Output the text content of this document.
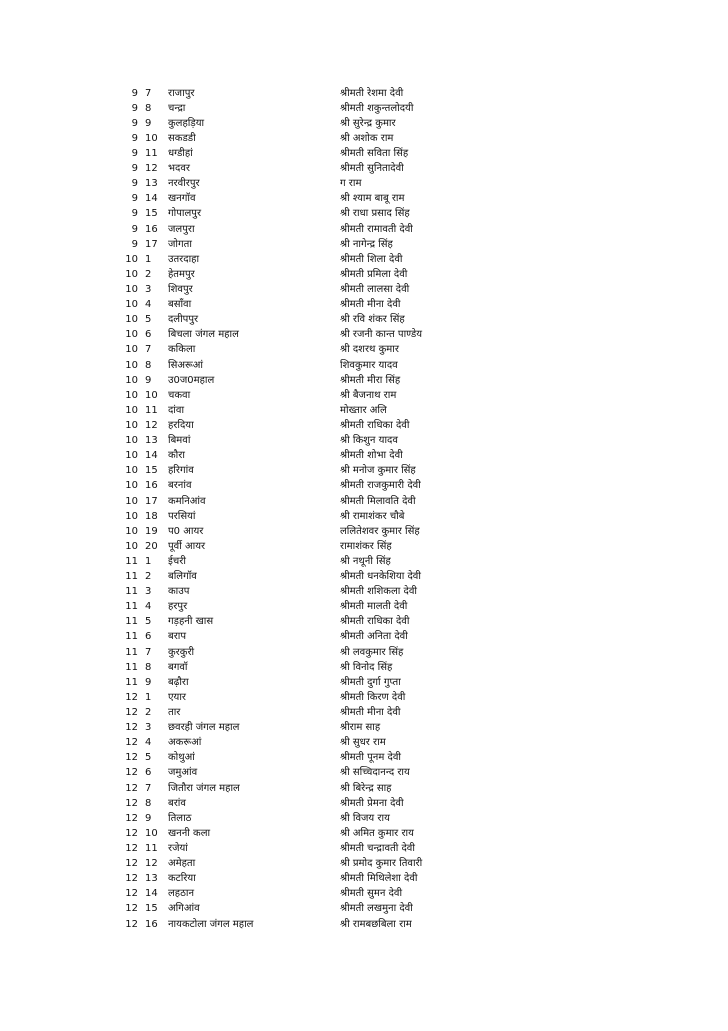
9	7	राजापुर	श्रीमती रेशमा देवी
9	8	चन्द्रा	श्रीमती शकुन्तलोदयी
9	9	कुलहड़िया	श्री सुरेन्द्र कुमार
9	10	सकडडी	श्री अशोक राम
9	11	धग्डीहां	श्रीमती सविता सिंह
9	12	भदवर	श्रीमती सुनितादेवी
9	13	नरवीरपुर	ग राम
9	14	खनगॉव	श्री श्याम बाबू राम
9	15	गोपालपुर	श्री राधा प्रसाद सिंह
9	16	जलपुरा	श्रीमती रामावती देवी
9	17	जोगता	श्री नागेन्द्र सिंह
10	1	उतरदाहा	श्रीमती शिला देवी
10	2	हेतमपुर	श्रीमती प्रमिला देवी
10	3	शिवपुर	श्रीमती लालसा देवी
10	4	बसॉंवा	श्रीमती मीना देवी
10	5	दलीपपुर	श्री रवि शंकर सिंह
10	6	बिचला जंगल महाल	श्री रजनी कान्त पाण्डेय
10	7	ककिला	श्री दशरथ कुमार
10	8	सिअरूआं	शिवकुमार यादव
10	9	उ0ज0महाल	श्रीमती मीरा सिंह
10	10	चकवा	श्री बैजनाथ राम
10	11	दांवा	मोख्तार अलि
10	12	हरदिया	श्रीमती राधिका देवी
10	13	बिमवां	श्री किशुन यादव
10	14	कौरा	श्रीमती शोभा देवी
10	15	हरिगांव	श्री मनोज कुमार सिंह
10	16	बरनांव	श्रीमती राजकुमारी देवी
10	17	कमनिआंव	श्रीमती मिलावति देवी
10	18	परसियां	श्री रामाशंकर चौबे
10	19	प0 आयर	ललितेशवर कुमार सिंह
10	20	पूर्वी आयर	रामाशंकर सिंह
11	1	ईचरी	श्री नथूनी सिंह
11	2	बलिगॉव	श्रीमती धनकेशिया देवी
11	3	काउप	श्रीमती शशिकला देवी
11	4	हरपुर	श्रीमती मालती देवी
11	5	गड़हनी खास	श्रीमती राधिका देवी
11	6	बराप	श्रीमती अनिता देवी
11	7	कुरकुरी	श्री लवकुमार सिंह
11	8	बगवॉ	श्री विनोद सिंह
11	9	बढ़ौरा	श्रीमती दुर्गा गुप्ता
12	1	एयार	श्रीमती किरण देवी
12	2	तार	श्रीमती मीना देवी
12	3	छवरही जंगल महाल	श्रीराम साह
12	4	अकरूआं	श्री सुधर राम
12	5	कोथुआं	श्रीमती पूनम देवी
12	6	जमुआंव	श्री सच्चिदानन्द राय
12	7	जितौरा जंगल महाल	श्री बिरेन्द्र साह
12	8	बरांव	श्रीमती प्रेमना देवी
12	9	तिलाठ	श्री विजय राय
12	10	खननी कला	श्री अमित कुमार राय
12	11	रजेयां	श्रीमती चन्द्रावती देवी
12	12	अमेहता	श्री प्रमोद कुमार तिवारी
12	13	कटरिया	श्रीमती मिथिलेशा देवी
12	14	लहठान	श्रीमती सुमन देवी
12	15	अगिआंव	श्रीमती लखमुना देवी
12	16	नायकटोला जंगल महाल	श्री रामबछबिला राम
